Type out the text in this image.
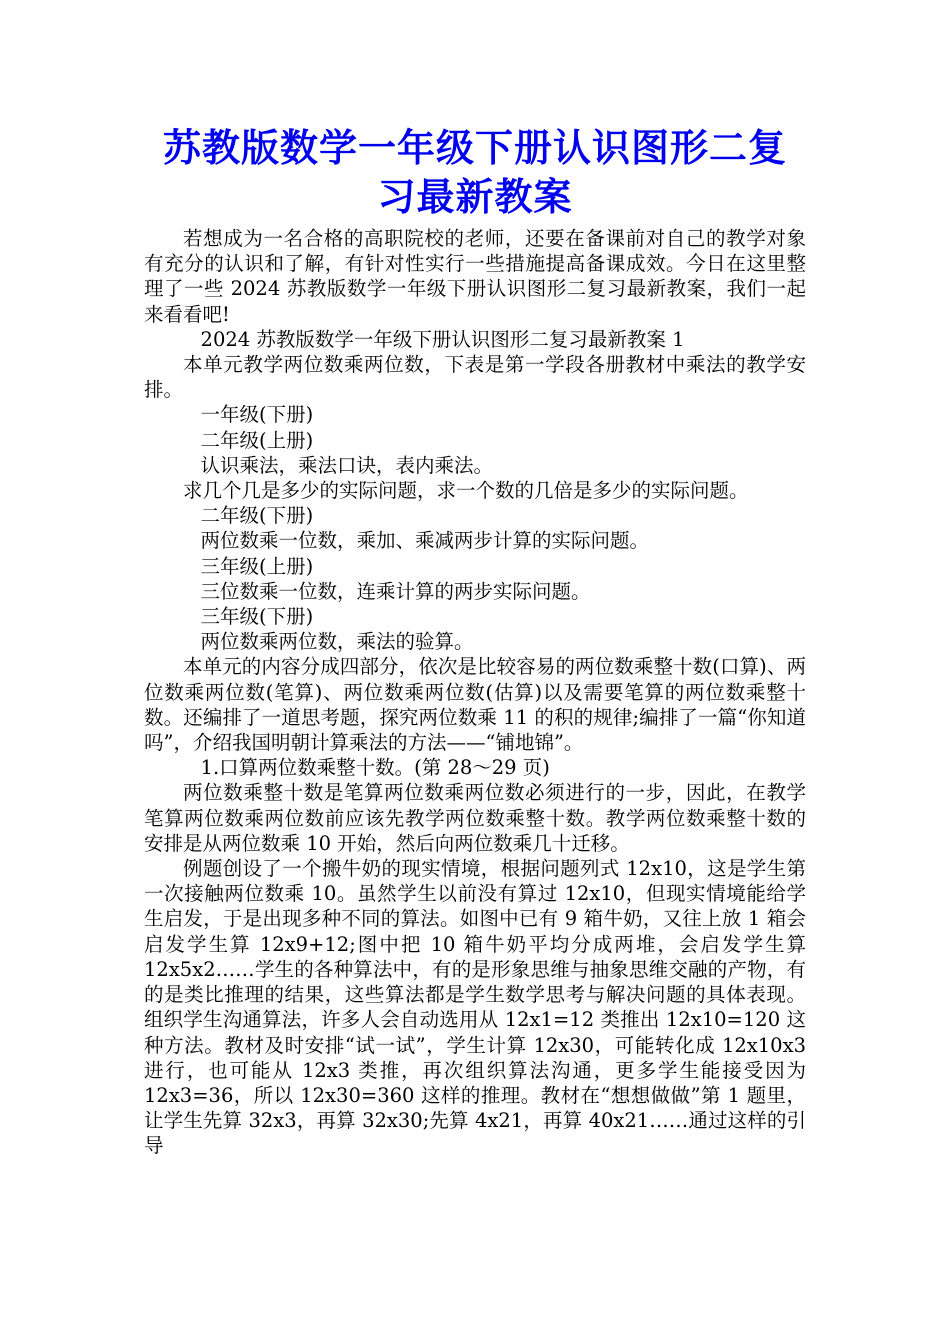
苏教版数学一年级下册认识图形二复习最新教案

若想成为一名合格的高职院校的老师，还要在备课前对自己的教学对象有充分的认识和了解，有针对性实行一些措施提高备课成效。今日在这里整理了一些 2024 苏教版数学一年级下册认识图形二复习最新教案，我们一起来看看吧!

2024 苏教版数学一年级下册认识图形二复习最新教案 1

本单元教学两位数乘两位数，下表是第一学段各册教材中乘法的教学安排。

一年级(下册)

二年级(上册)

认识乘法，乘法口诀，表内乘法。

求几个几是多少的实际问题，求一个数的几倍是多少的实际问题。

二年级(下册)

两位数乘一位数，乘加、乘减两步计算的实际问题。

三年级(上册)

三位数乘一位数，连乘计算的两步实际问题。

三年级(下册)

两位数乘两位数，乘法的验算。

本单元的内容分成四部分，依次是比较容易的两位数乘整十数(口算)、两位数乘两位数(笔算)、两位数乘两位数(估算)以及需要笔算的两位数乘整十数。还编排了一道思考题，探究两位数乘 11 的积的规律;编排了一篇“你知道吗”，介绍我国明朝计算乘法的方法——“铺地锦”。

1.口算两位数乘整十数。(第 28～29 页)

两位数乘整十数是笔算两位数乘两位数必须进行的一步，因此，在教学笔算两位数乘两位数前应该先教学两位数乘整十数。教学两位数乘整十数的安排是从两位数乘 10 开始，然后向两位数乘几十迁移。

例题创设了一个搬牛奶的现实情境，根据问题列式 12x10，这是学生第一次接触两位数乘 10。虽然学生以前没有算过 12x10，但现实情境能给学生启发，于是出现多种不同的算法。如图中已有 9 箱牛奶，又往上放 1 箱会启发学生算 12x9+12;图中把 10 箱牛奶平均分成两堆，会启发学生算 12x5x2……学生的各种算法中，有的是形象思维与抽象思维交融的产物，有的是类比推理的结果，这些算法都是学生数学思考与解决问题的具体表现。组织学生沟通算法，许多人会自动选用从 12x1=12 类推出 12x10=120 这种方法。教材及时安排“试一试”，学生计算 12x30，可能转化成 12x10x3 进行，也可能从 12x3 类推，再次组织算法沟通，更多学生能接受因为 12x3=36，所以 12x30=360 这样的推理。教材在“想想做做”第 1 题里，让学生先算 32x3，再算 32x30;先算 4x21，再算 40x21……通过这样的引导
